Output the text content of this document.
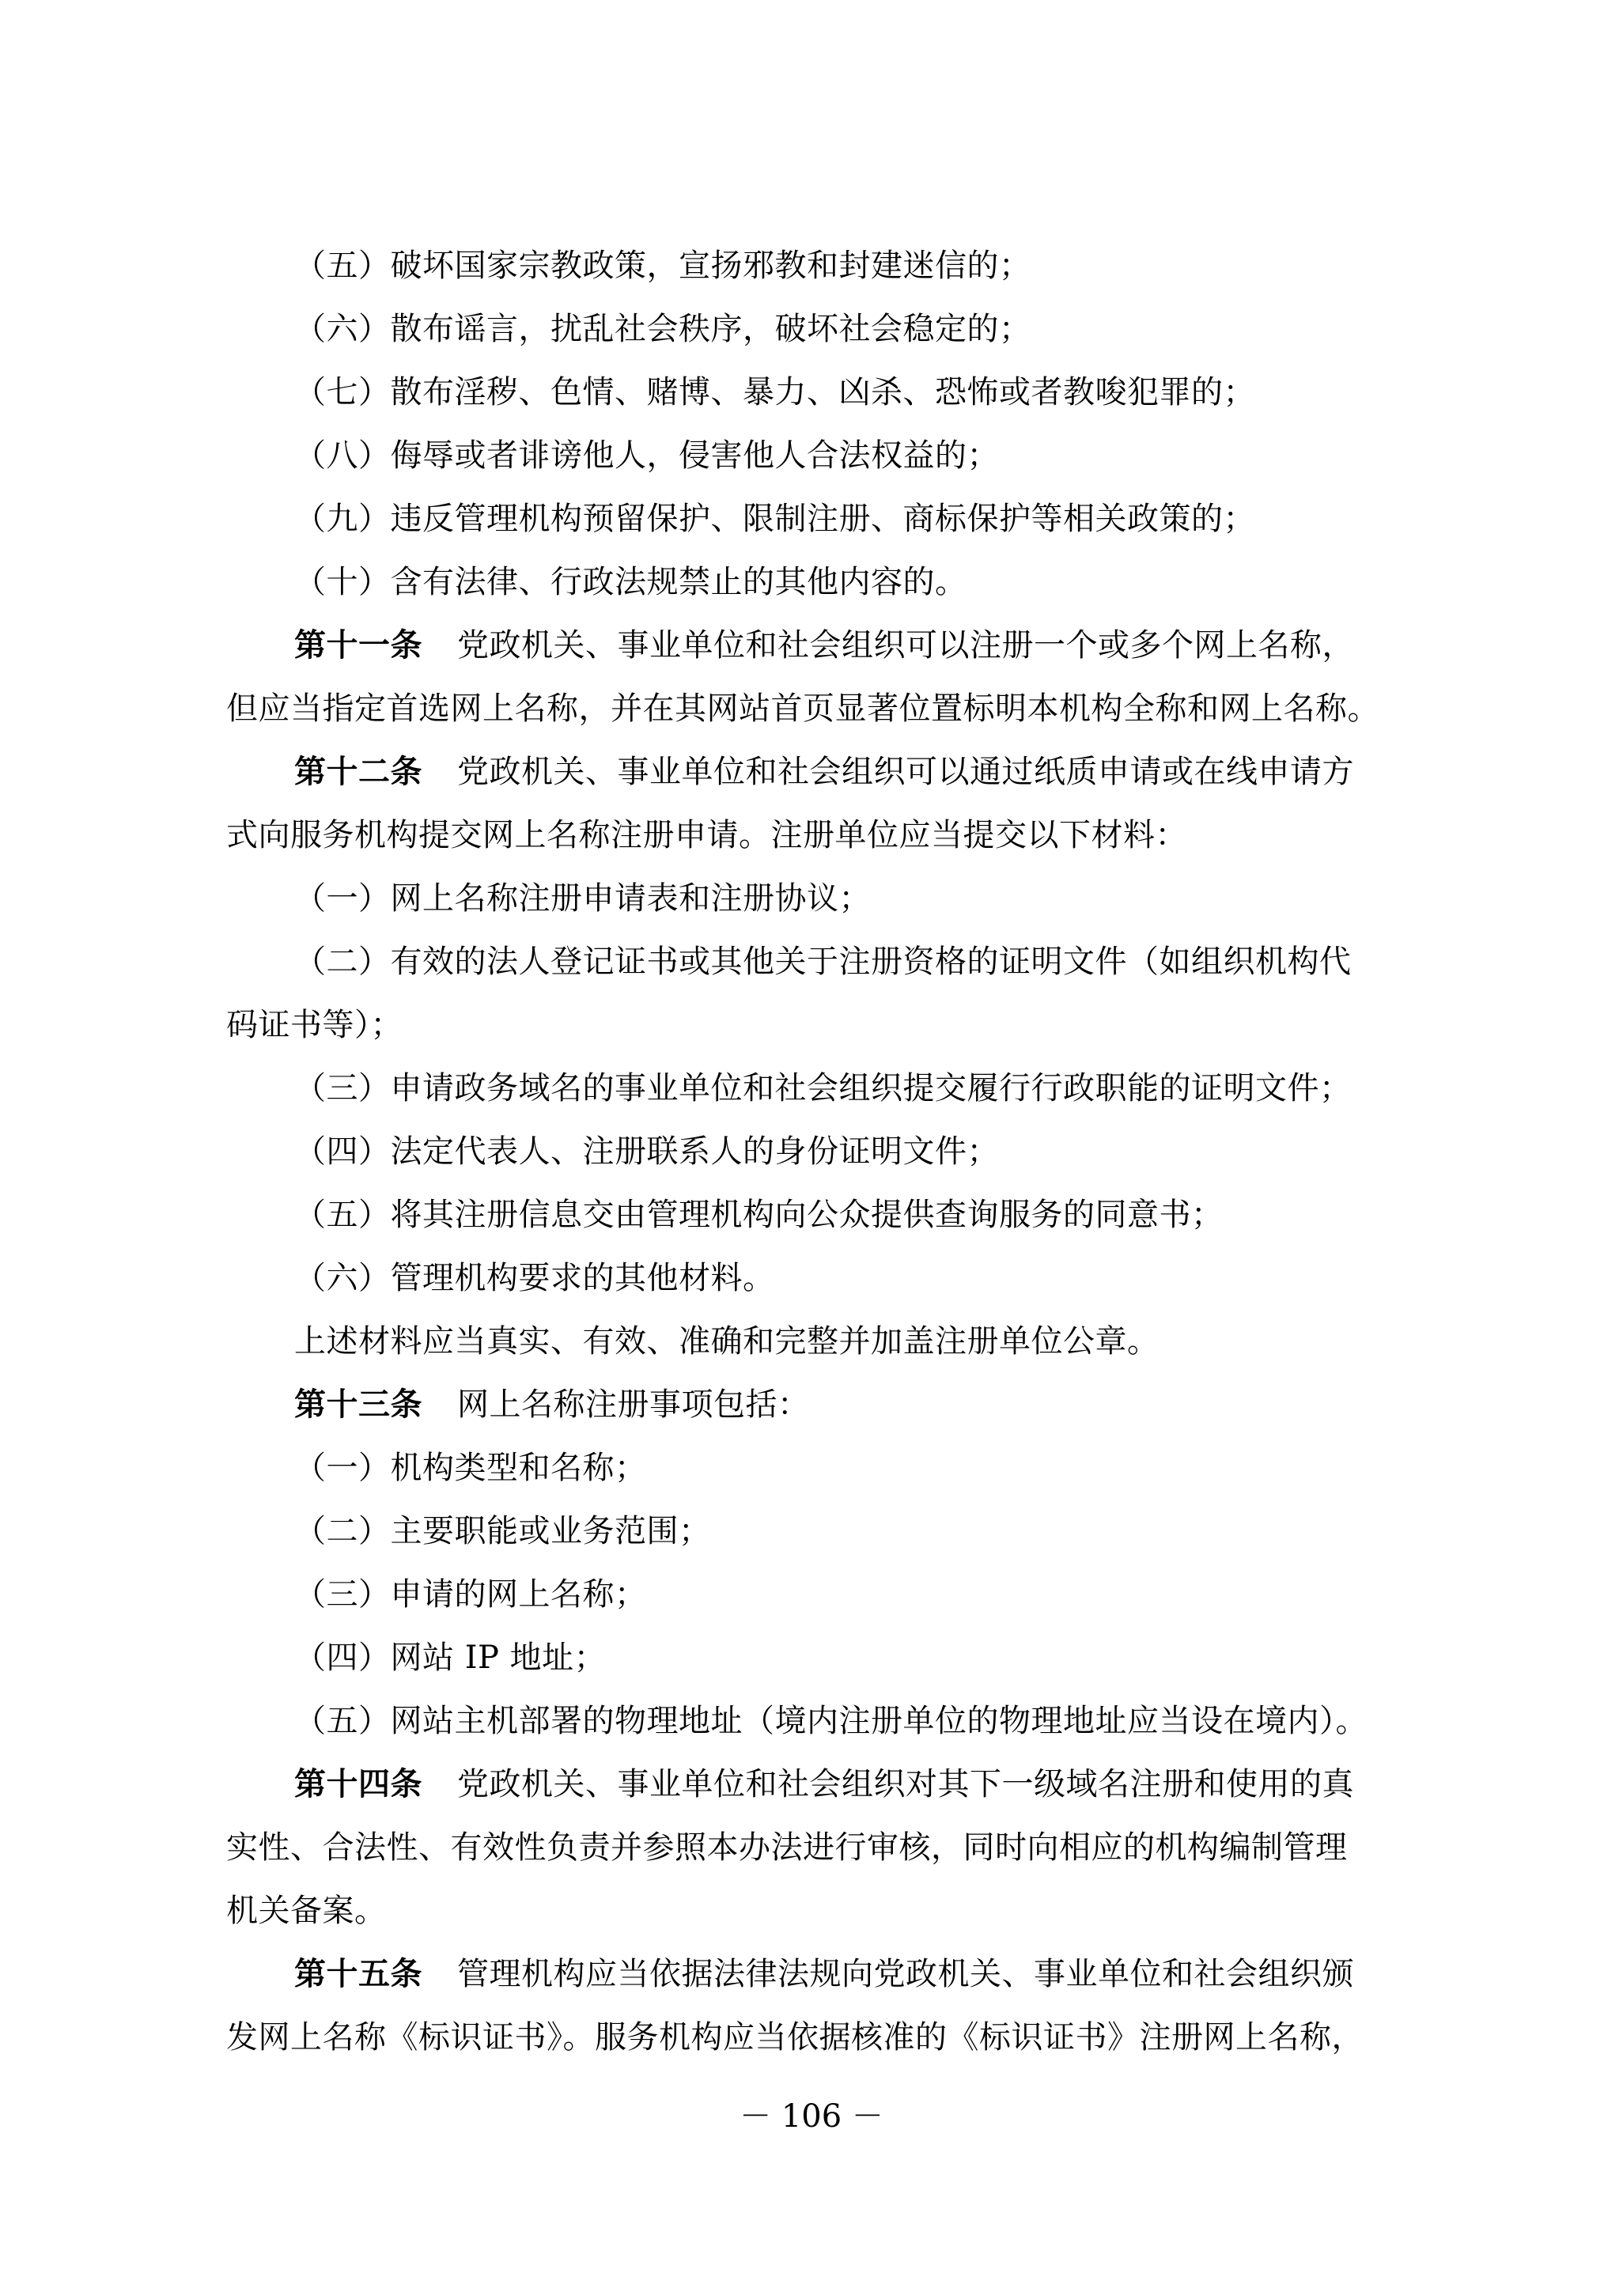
（五）破坏国家宗教政策，宣扬邪教和封建迷信的；
（六）散布谣言，扰乱社会秩序，破坏社会稳定的；
（七）散布淫秽、色情、赌博、暴力、凶杀、恐怖或者教唆犯罪的；
（八）侮辱或者诽谤他人，侵害他人合法权益的；
（九）违反管理机构预留保护、限制注册、商标保护等相关政策的；
（十）含有法律、行政法规禁止的其他内容的。
第十一条 党政机关、事业单位和社会组织可以注册一个或多个网上名称，
但应当指定首选网上名称，并在其网站首页显著位置标明本机构全称和网上名称。
第十二条 党政机关、事业单位和社会组织可以通过纸质申请或在线申请方
式向服务机构提交网上名称注册申请。注册单位应当提交以下材料：
（一）网上名称注册申请表和注册协议；
（二）有效的法人登记证书或其他关于注册资格的证明文件（如组织机构代
码证书等）；
（三）申请政务域名的事业单位和社会组织提交履行行政职能的证明文件；
（四）法定代表人、注册联系人的身份证明文件；
（五）将其注册信息交由管理机构向公众提供查询服务的同意书；
（六）管理机构要求的其他材料。
上述材料应当真实、有效、准确和完整并加盖注册单位公章。
第十三条 网上名称注册事项包括：
（一）机构类型和名称；
（二）主要职能或业务范围；
（三）申请的网上名称；
（四）网站 IP 地址；
（五）网站主机部署的物理地址（境内注册单位的物理地址应当设在境内）。
第十四条 党政机关、事业单位和社会组织对其下一级域名注册和使用的真
实性、合法性、有效性负责并参照本办法进行审核，同时向相应的机构编制管理
机关备案。
第十五条 管理机构应当依据法律法规向党政机关、事业单位和社会组织颁
发网上名称《标识证书》。服务机构应当依据核准的《标识证书》注册网上名称，
－ 106 －
